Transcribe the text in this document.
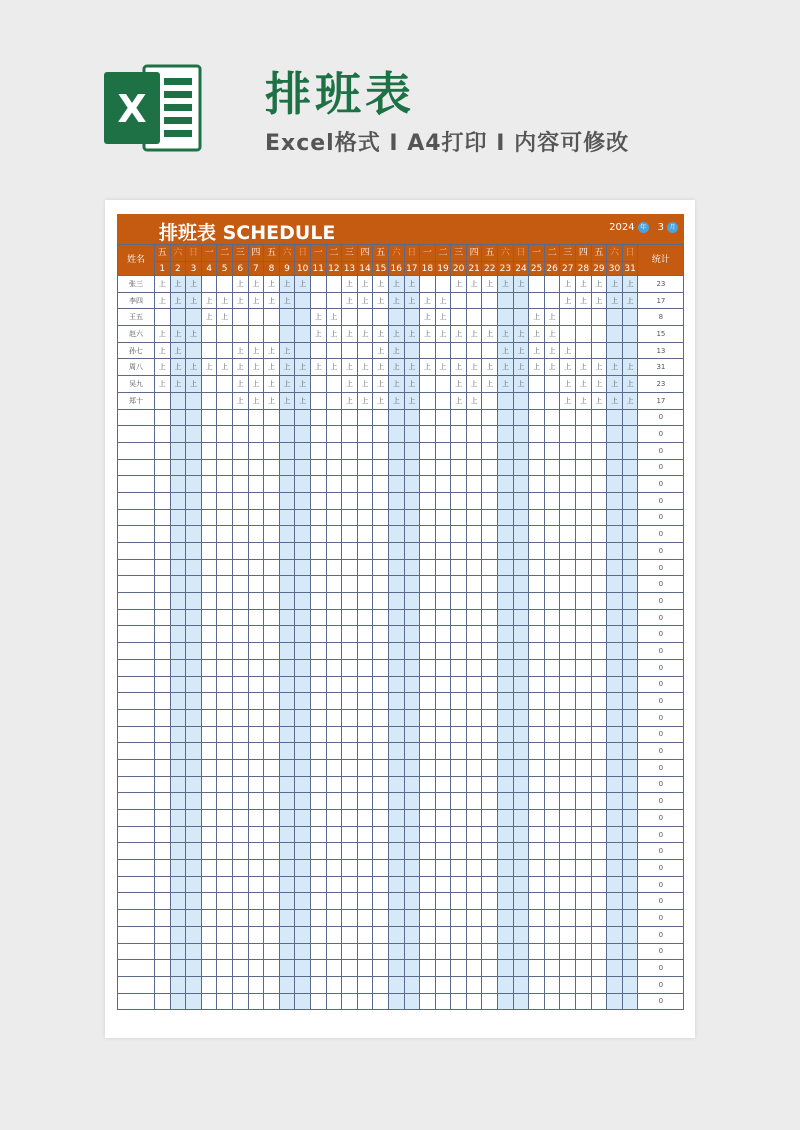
X	排班表
Excel格式 I A4打印 I 内容可修改
排班表 SCHEDULE	2024 年 3 月
姓名	五	六	日	一	二	三	四	五	六	日	一	二	三	四	五	六	日	一	二	三	四	五	六	日	一	二	三	四	五	六	日	统计
	1	2	3	4	5	6	7	8	9	10	11	12	13	14	15	16	17	18	19	20	21	22	23	24	25	26	27	28	29	30	31	
张三	上	上	上			上	上	上	上	上			上	上	上	上	上			上	上	上	上	上			上	上	上	上	上	23
李四	上	上	上	上	上	上	上	上	上				上	上	上	上	上	上	上								上	上	上	上	上	17
王五				上	上						上	上						上	上						上	上						8
赵六	上	上	上								上	上	上	上	上	上	上	上	上	上	上	上	上	上	上	上						15
孙七	上	上				上	上	上	上						上	上							上	上	上	上	上					13
周八	上	上	上	上	上	上	上	上	上	上	上	上	上	上	上	上	上	上	上	上	上	上	上	上	上	上	上	上	上	上	上	31
吴九	上	上	上			上	上	上	上	上			上	上	上	上	上			上	上	上	上	上			上	上	上	上	上	23
郑十						上	上	上	上	上			上	上	上	上	上			上	上						上	上	上	上	上	17
																																0
																																0
																																0
																																0
																																0
																																0
																																0
																																0
																																0
																																0
																																0
																																0
																																0
																																0
																																0
																																0
																																0
																																0
																																0
																																0
																																0
																																0
																																0
																																0
																																0
																																0
																																0
																																0
																																0
																																0
																																0
																																0
																																0
																																0
																																0
																																0
